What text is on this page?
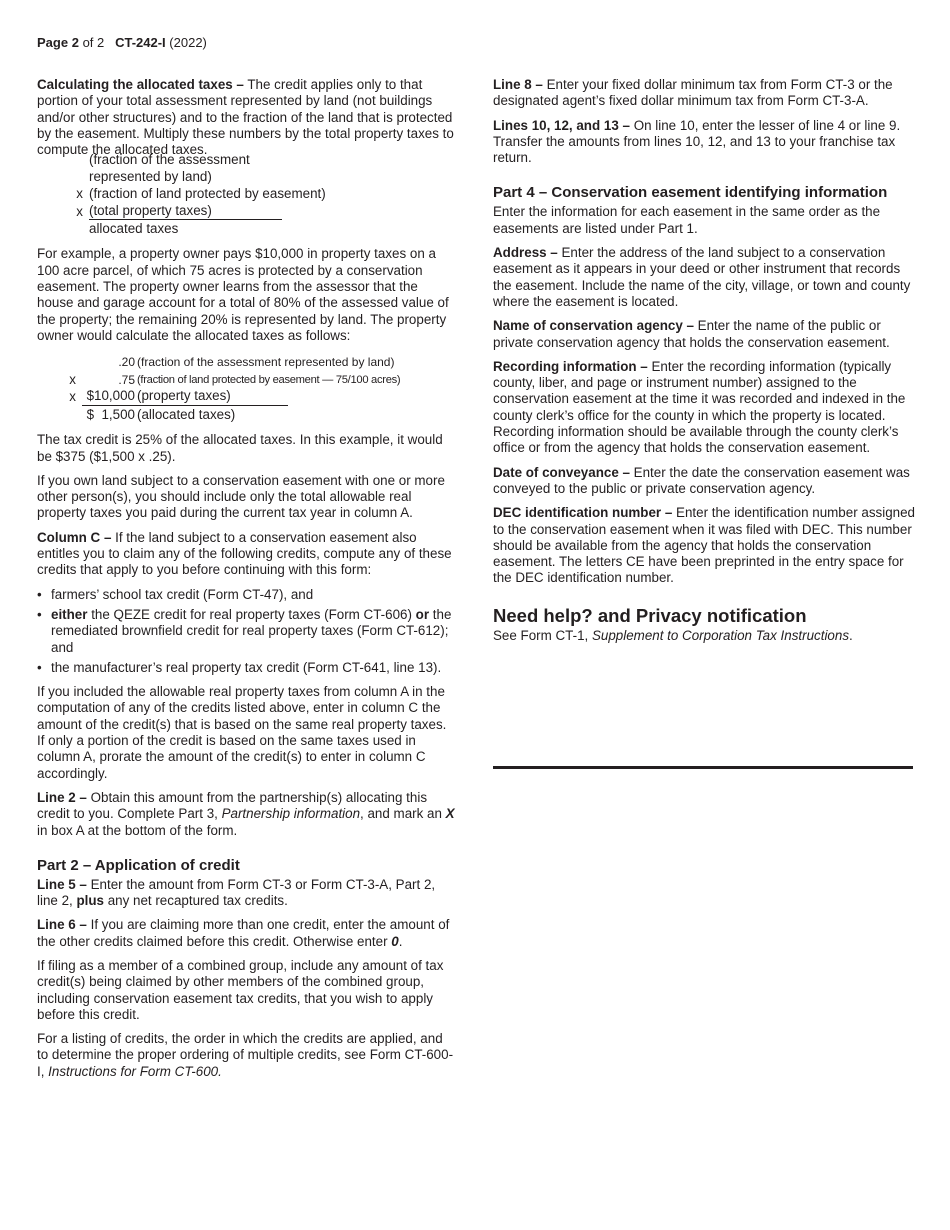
Page 2 of 2 CT-242-I (2022)

Calculating the allocated taxes – The credit applies only to that portion of your total assessment represented by land (not buildings and/or other structures) and to the fraction of the land that is protected by the easement. Multiply these numbers by the total property taxes to compute the allocated taxes.

(fraction of the assessment represented by land)
x (fraction of land protected by easement)
x (total property taxes)
allocated taxes

For example, a property owner pays $10,000 in property taxes on a 100 acre parcel, of which 75 acres is protected by a conservation easement. The property owner learns from the assessor that the house and garage account for a total of 80% of the assessed value of the property; the remaining 20% is represented by land. The property owner would calculate the allocated taxes as follows:

.20 (fraction of the assessment represented by land)
x	.75 (fraction of land protected by easement — 75/100 acres)
x $10,000 (property taxes)
$  1,500 (allocated taxes)

The tax credit is 25% of the allocated taxes. In this example, it would be $375 ($1,500 x .25).

If you own land subject to a conservation easement with one or more other person(s), you should include only the total allowable real property taxes you paid during the current tax year in column A.

Column C – If the land subject to a conservation easement also entitles you to claim any of the following credits, compute any of these credits that apply to you before continuing with this form:

• farmers’ school tax credit (Form CT-47), and
• either the QEZE credit for real property taxes (Form CT-606) or the remediated brownfield credit for real property taxes (Form CT-612); and
• the manufacturer’s real property tax credit (Form CT-641, line 13).

If you included the allowable real property taxes from column A in the computation of any of the credits listed above, enter in column C the amount of the credit(s) that is based on the same real property taxes. If only a portion of the credit is based on the same taxes used in column A, prorate the amount of the credit(s) to enter in column C accordingly.

Line 2 – Obtain this amount from the partnership(s) allocating this credit to you. Complete Part 3, Partnership information, and mark an X in box A at the bottom of the form.

Part 2 – Application of credit

Line 5 – Enter the amount from Form CT-3 or Form CT-3-A, Part 2, line 2, plus any net recaptured tax credits.

Line 6 – If you are claiming more than one credit, enter the amount of the other credits claimed before this credit. Otherwise enter 0.

If filing as a member of a combined group, include any amount of tax credit(s) being claimed by other members of the combined group, including conservation easement tax credits, that you wish to apply before this credit.

For a listing of credits, the order in which the credits are applied, and to determine the proper ordering of multiple credits, see Form CT-600-I, Instructions for Form CT-600.

Line 8 – Enter your fixed dollar minimum tax from Form CT-3 or the designated agent’s fixed dollar minimum tax from Form CT-3-A.

Lines 10, 12, and 13 – On line 10, enter the lesser of line 4 or line 9. Transfer the amounts from lines 10, 12, and 13 to your franchise tax return.

Part 4 – Conservation easement identifying information

Enter the information for each easement in the same order as the easements are listed under Part 1.

Address – Enter the address of the land subject to a conservation easement as it appears in your deed or other instrument that records the easement. Include the name of the city, village, or town and county where the easement is located.

Name of conservation agency – Enter the name of the public or private conservation agency that holds the conservation easement.

Recording information – Enter the recording information (typically county, liber, and page or instrument number) assigned to the conservation easement at the time it was recorded and indexed in the county clerk’s office for the county in which the property is located. Recording information should be available through the county clerk’s office or from the agency that holds the conservation easement.

Date of conveyance – Enter the date the conservation easement was conveyed to the public or private conservation agency.

DEC identification number – Enter the identification number assigned to the conservation easement when it was filed with DEC. This number should be available from the agency that holds the conservation easement. The letters CE have been preprinted in the entry space for the DEC identification number.

Need help? and Privacy notification

See Form CT-1, Supplement to Corporation Tax Instructions.
